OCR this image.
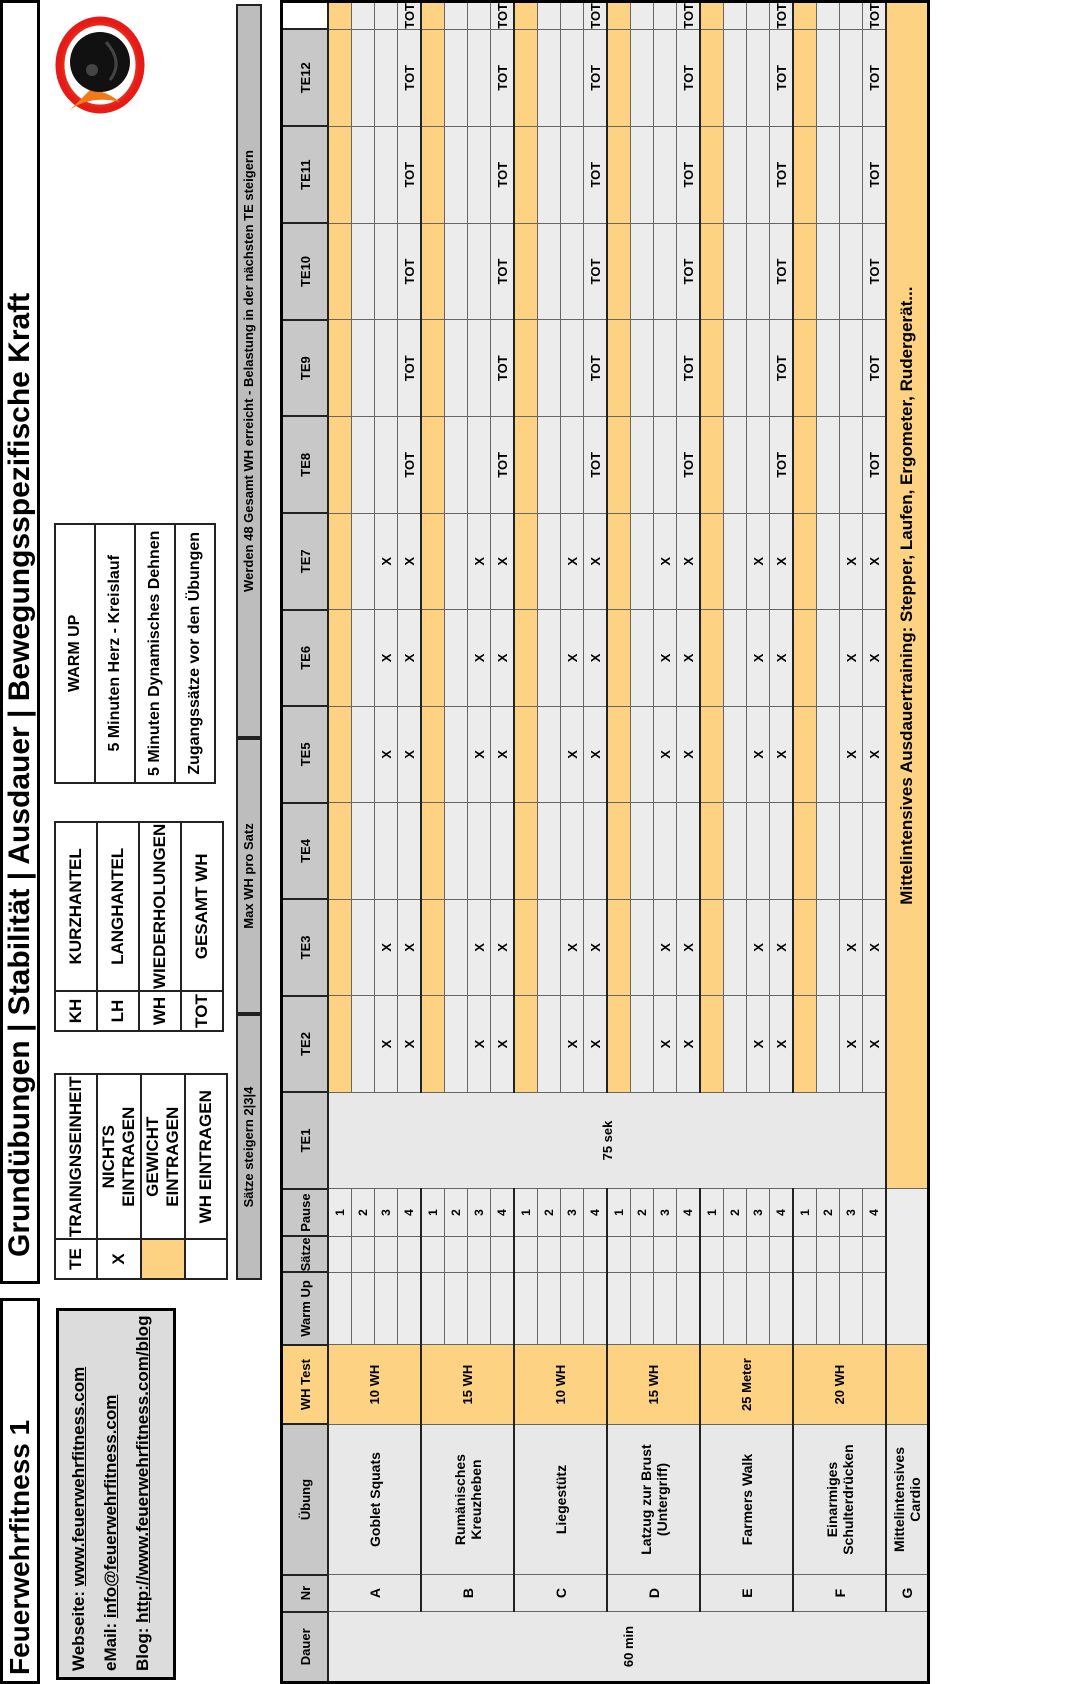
Feuerwehrfitness 1
Grundübungen | Stabilität | Ausdauer | Bewegungsspezifische Kraft
Webseite: www.feuerwehrfitness.com
eMail: info@feuerwehrfitness.com
Blog: http://www.feuerwehrfitness.com/blog
TE	TRAINIGNSEINHEIT
X	NICHTS EINTRAGEN
	GEWICHT EINTRAGEN
	WH EINTRAGEN
KH	KURZHANTEL
LH	LANGHANTEL
WH	WIEDERHOLUNGEN
TOT	GESAMT WH
WARM UP
5 Minuten Herz - Kreislauf
5 Minuten Dynamisches Dehnen
Zugangssätze vor den Übungen
Sätze steigern 2|3|4
Max WH pro Satz
Werden 48 Gesamt WH erreicht - Belastung in der nächsten TE steigern
Dauer	Nr	Übung	WH Test	Warm Up	Sätze	Pause	TE1	TE2	TE3	TE4	TE5	TE6	TE7	TE8	TE9	TE10	TE11	TE12	
60 min	A	Goblet Squats	10 WH			1	75 sek												
						2													
						3		X	X		X	X	X						
						4		X	X		X	X	X	TOT	TOT	TOT	TOT	TOT	TOT
	B	Rumänisches Kreuzheben	15 WH			1													
						2													
						3		X	X		X	X	X						
						4		X	X		X	X	X	TOT	TOT	TOT	TOT	TOT	TOT
	C	Liegestütz	10 WH			1													
						2													
						3		X	X		X	X	X						
						4		X	X		X	X	X	TOT	TOT	TOT	TOT	TOT	TOT
	D	Latzug zur Brust (Untergriff)	15 WH			1													
						2													
						3		X	X		X	X	X						
						4		X	X		X	X	X	TOT	TOT	TOT	TOT	TOT	TOT
	E	Farmers Walk	25 Meter			1													
						2													
						3		X	X		X	X	X						
						4		X	X		X	X	X	TOT	TOT	TOT	TOT	TOT	TOT
	F	Einarmiges Schulterdrücken	20 WH			1													
						2													
						3		X	X		X	X	X						
						4		X	X		X	X	X	TOT	TOT	TOT	TOT	TOT	TOT
	G	Mittelintensives Cardio					Mittelintensives Ausdauertraining: Stepper, Laufen, Ergometer, Rudergerät...												
